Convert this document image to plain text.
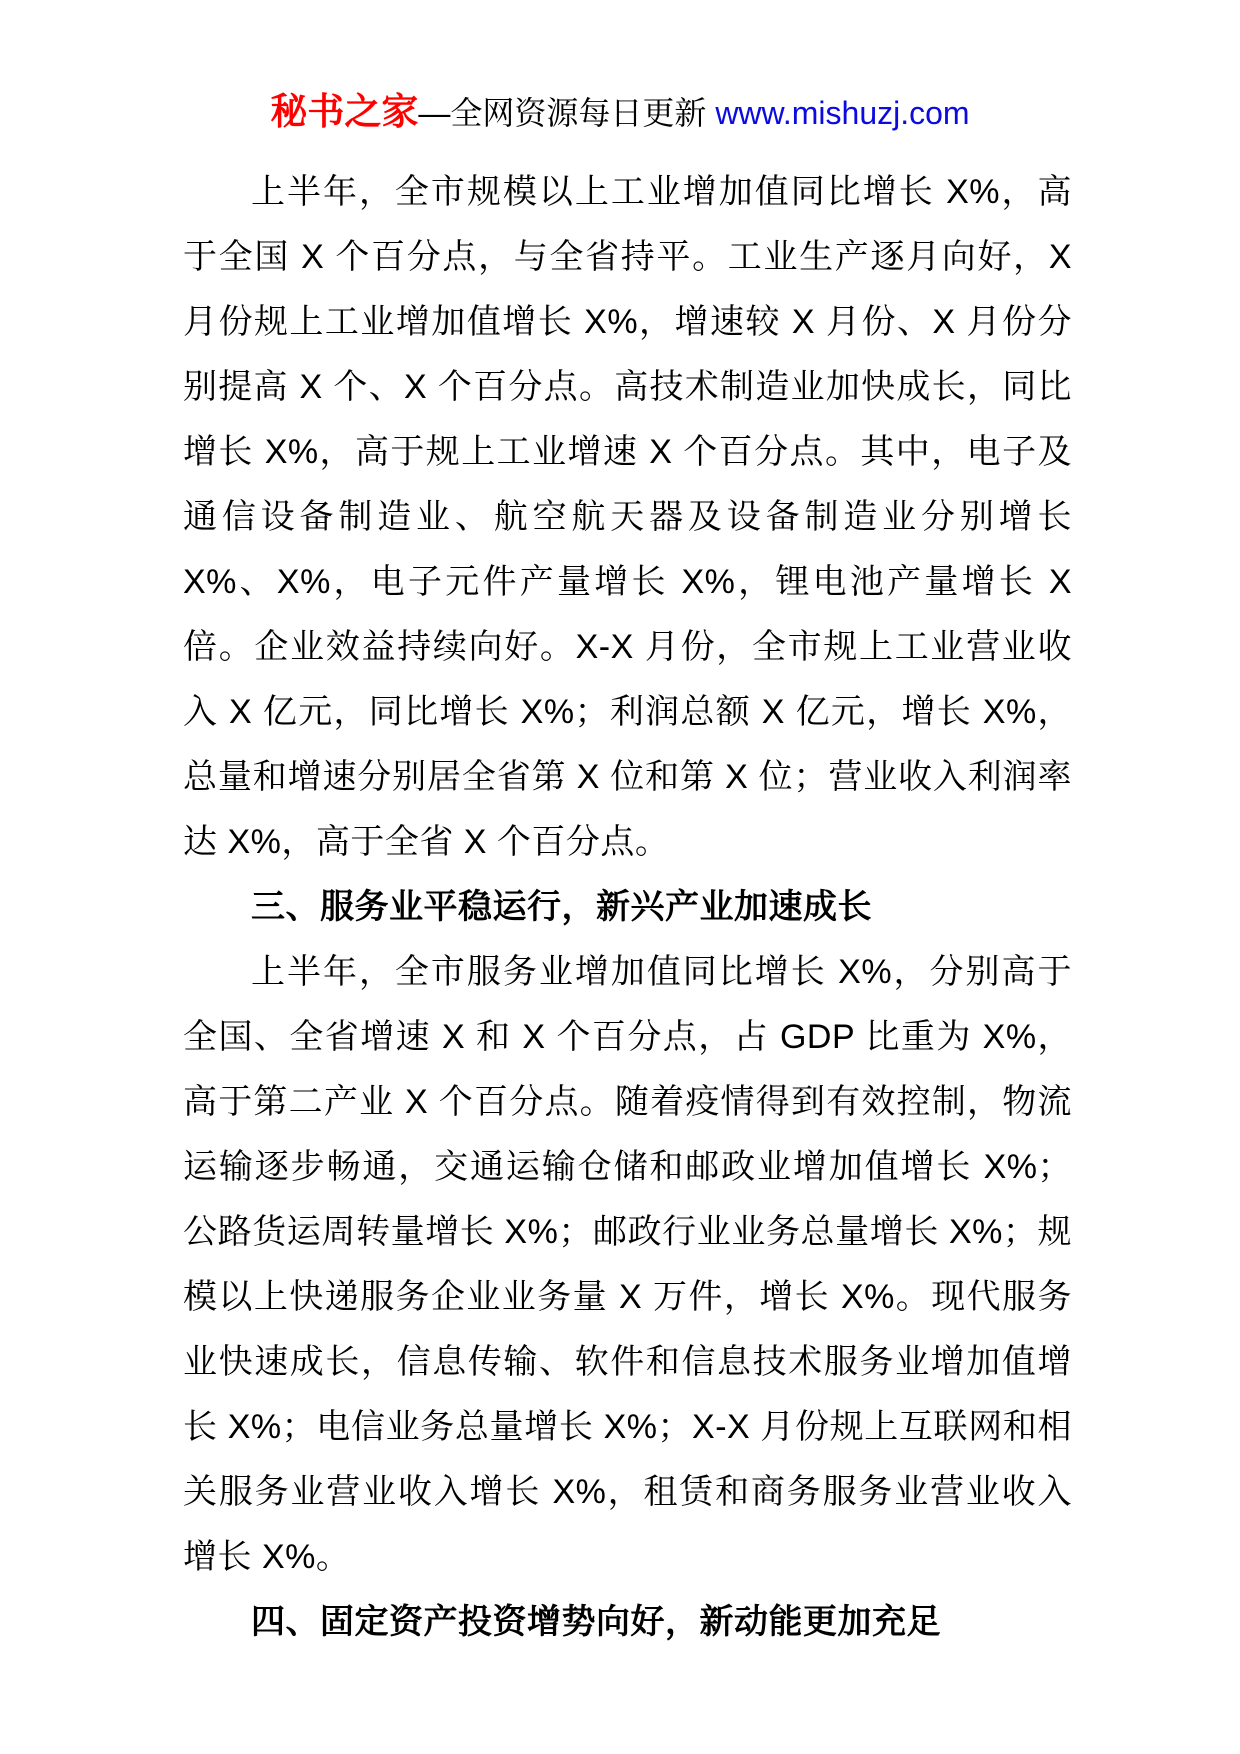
秘书之家—全网资源每日更新 www.mishuzj.com
上半年，全市规模以上工业增加值同比增长 X%，高于全国 X 个百分点，与全省持平。工业生产逐月向好，X 月份规上工业增加值增长 X%，增速较 X 月份、X 月份分别提高 X 个、X 个百分点。高技术制造业加快成长，同比增长 X%，高于规上工业增速 X 个百分点。其中，电子及通信设备制造业、航空航天器及设备制造业分别增长 X%、X%，电子元件产量增长 X%，锂电池产量增长 X 倍。企业效益持续向好。X-X 月份，全市规上工业营业收入 X 亿元，同比增长 X%；利润总额 X 亿元，增长 X%，总量和增速分别居全省第 X 位和第 X 位；营业收入利润率达 X%，高于全省 X 个百分点。
三、服务业平稳运行，新兴产业加速成长
上半年，全市服务业增加值同比增长 X%，分别高于全国、全省增速 X 和 X 个百分点，占 GDP 比重为 X%，高于第二产业 X 个百分点。随着疫情得到有效控制，物流运输逐步畅通，交通运输仓储和邮政业增加值增长 X%；公路货运周转量增长 X%；邮政行业业务总量增长 X%；规模以上快递服务企业业务量 X 万件，增长 X%。现代服务业快速成长，信息传输、软件和信息技术服务业增加值增长 X%；电信业务总量增长 X%；X-X 月份规上互联网和相关服务业营业收入增长 X%，租赁和商务服务业营业收入增长 X%。
四、固定资产投资增势向好，新动能更加充足
